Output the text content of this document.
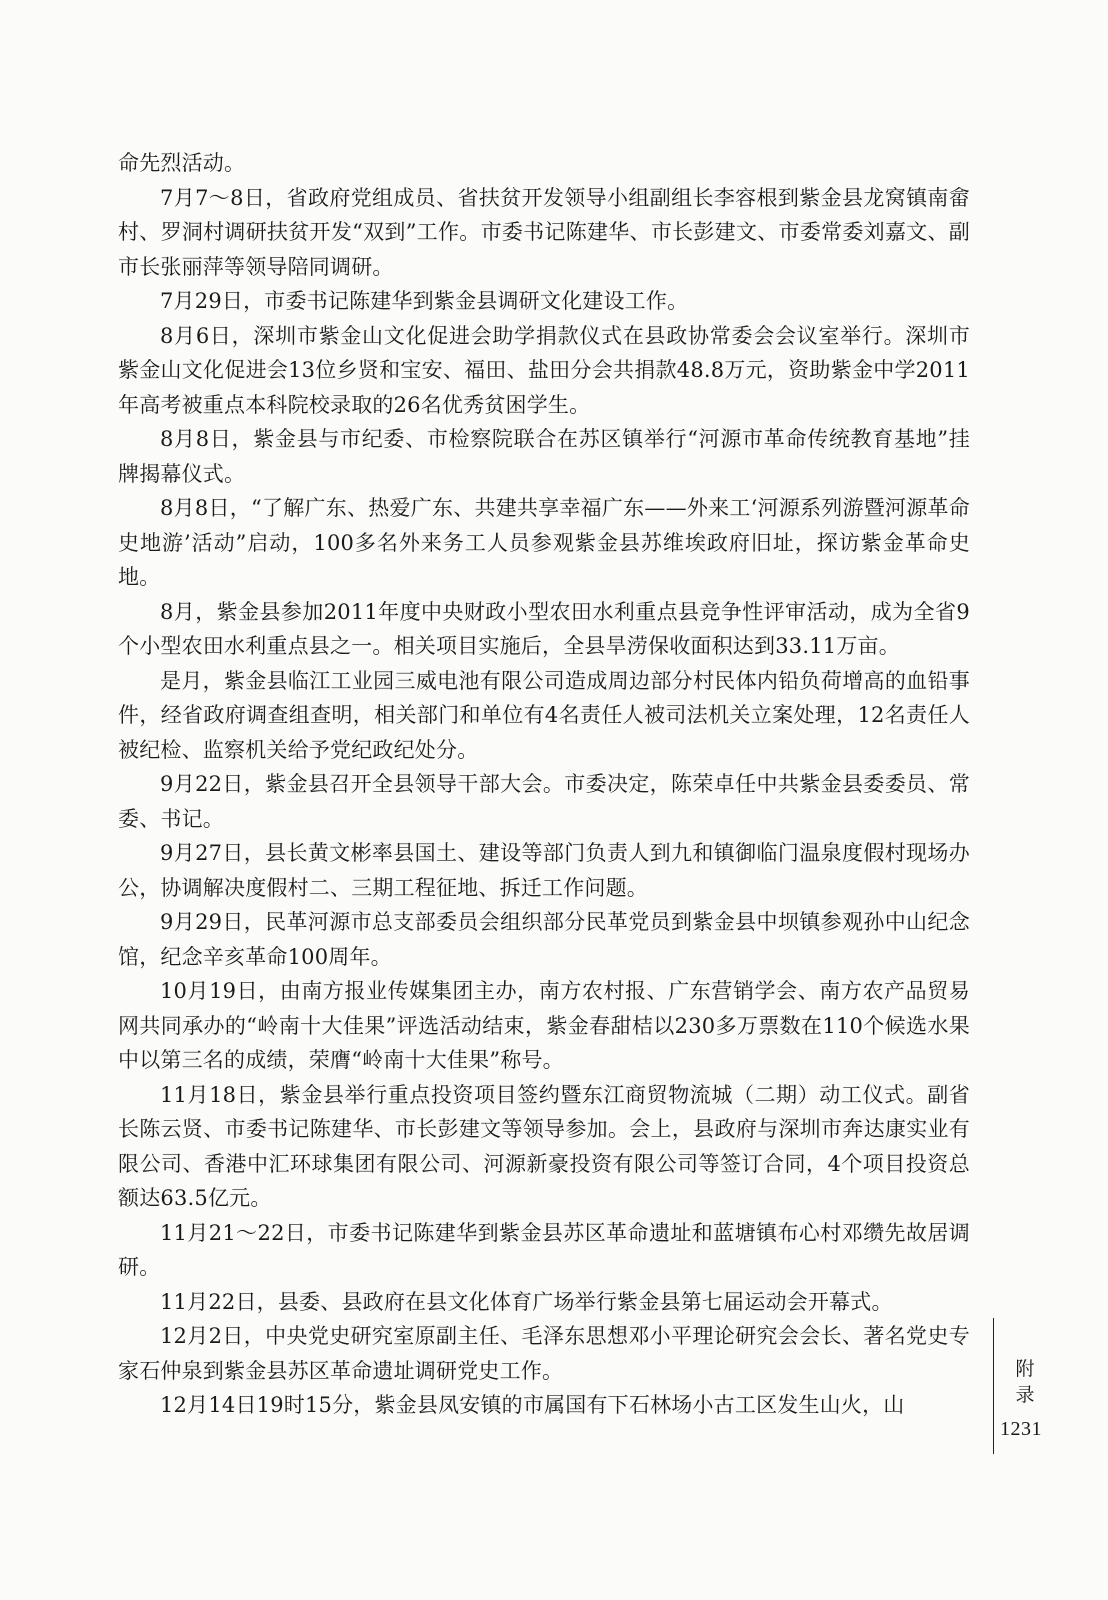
命先烈活动。

7月7～8日，省政府党组成员、省扶贫开发领导小组副组长李容根到紫金县龙窝镇南畲村、罗洞村调研扶贫开发“双到”工作。市委书记陈建华、市长彭建文、市委常委刘嘉文、副市长张丽萍等领导陪同调研。

7月29日，市委书记陈建华到紫金县调研文化建设工作。

8月6日，深圳市紫金山文化促进会助学捐款仪式在县政协常委会会议室举行。深圳市紫金山文化促进会13位乡贤和宝安、福田、盐田分会共捐款48.8万元，资助紫金中学2011年高考被重点本科院校录取的26名优秀贫困学生。

8月8日，紫金县与市纪委、市检察院联合在苏区镇举行“河源市革命传统教育基地”挂牌揭幕仪式。

8月8日，“了解广东、热爱广东、共建共享幸福广东——外来工‘河源系列游暨河源革命史地游’活动”启动，100多名外来务工人员参观紫金县苏维埃政府旧址，探访紫金革命史地。

8月，紫金县参加2011年度中央财政小型农田水利重点县竞争性评审活动，成为全省9个小型农田水利重点县之一。相关项目实施后，全县旱涝保收面积达到33.11万亩。

是月，紫金县临江工业园三威电池有限公司造成周边部分村民体内铅负荷增高的血铅事件，经省政府调查组查明，相关部门和单位有4名责任人被司法机关立案处理，12名责任人被纪检、监察机关给予党纪政纪处分。

9月22日，紫金县召开全县领导干部大会。市委决定，陈荣卓任中共紫金县委委员、常委、书记。

9月27日，县长黄文彬率县国土、建设等部门负责人到九和镇御临门温泉度假村现场办公，协调解决度假村二、三期工程征地、拆迁工作问题。

9月29日，民革河源市总支部委员会组织部分民革党员到紫金县中坝镇参观孙中山纪念馆，纪念辛亥革命100周年。

10月19日，由南方报业传媒集团主办，南方农村报、广东营销学会、南方农产品贸易网共同承办的“岭南十大佳果”评选活动结束，紫金春甜桔以230多万票数在110个候选水果中以第三名的成绩，荣膺“岭南十大佳果”称号。

11月18日，紫金县举行重点投资项目签约暨东江商贸物流城（二期）动工仪式。副省长陈云贤、市委书记陈建华、市长彭建文等领导参加。会上，县政府与深圳市奔达康实业有限公司、香港中汇环球集团有限公司、河源新豪投资有限公司等签订合同，4个项目投资总额达63.5亿元。

11月21～22日，市委书记陈建华到紫金县苏区革命遗址和蓝塘镇布心村邓缵先故居调研。

11月22日，县委、县政府在县文化体育广场举行紫金县第七届运动会开幕式。

12月2日，中央党史研究室原副主任、毛泽东思想邓小平理论研究会会长、著名党史专家石仲泉到紫金县苏区革命遗址调研党史工作。

12月14日19时15分，紫金县凤安镇的市属国有下石林场小古工区发生山火，山

附
录
1231
